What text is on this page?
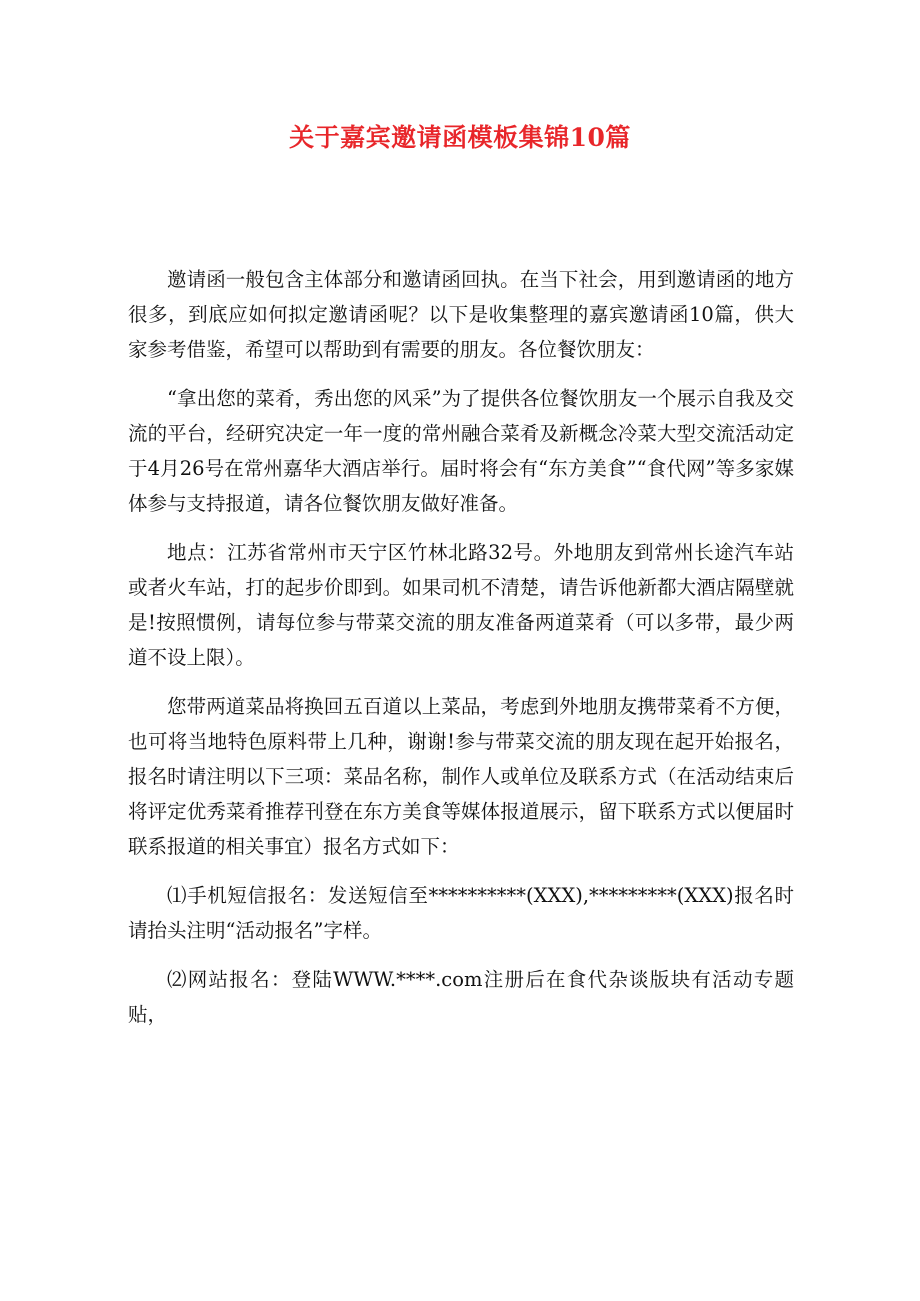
关于嘉宾邀请函模板集锦10篇

邀请函一般包含主体部分和邀请函回执。在当下社会，用到邀请函的地方很多，到底应如何拟定邀请函呢？以下是收集整理的嘉宾邀请函10篇，供大家参考借鉴，希望可以帮助到有需要的朋友。各位餐饮朋友：

“拿出您的菜肴，秀出您的风采”为了提供各位餐饮朋友一个展示自我及交流的平台，经研究决定一年一度的常州融合菜肴及新概念冷菜大型交流活动定于4月26号在常州嘉华大酒店举行。届时将会有“东方美食”“食代网”等多家媒体参与支持报道，请各位餐饮朋友做好准备。

地点：江苏省常州市天宁区竹林北路32号。外地朋友到常州长途汽车站或者火车站，打的起步价即到。如果司机不清楚，请告诉他新都大酒店隔壁就是!按照惯例，请每位参与带菜交流的朋友准备两道菜肴（可以多带，最少两道不设上限）。

您带两道菜品将换回五百道以上菜品，考虑到外地朋友携带菜肴不方便，也可将当地特色原料带上几种，谢谢!参与带菜交流的朋友现在起开始报名，报名时请注明以下三项：菜品名称，制作人或单位及联系方式（在活动结束后将评定优秀菜肴推荐刊登在东方美食等媒体报道展示，留下联系方式以便届时联系报道的相关事宜）报名方式如下：

⑴手机短信报名：发送短信至**********(XXX),*********(XXX)报名时请抬头注明“活动报名”字样。

⑵网站报名：登陆WWW.****.com注册后在食代杂谈版块有活动专题贴，
